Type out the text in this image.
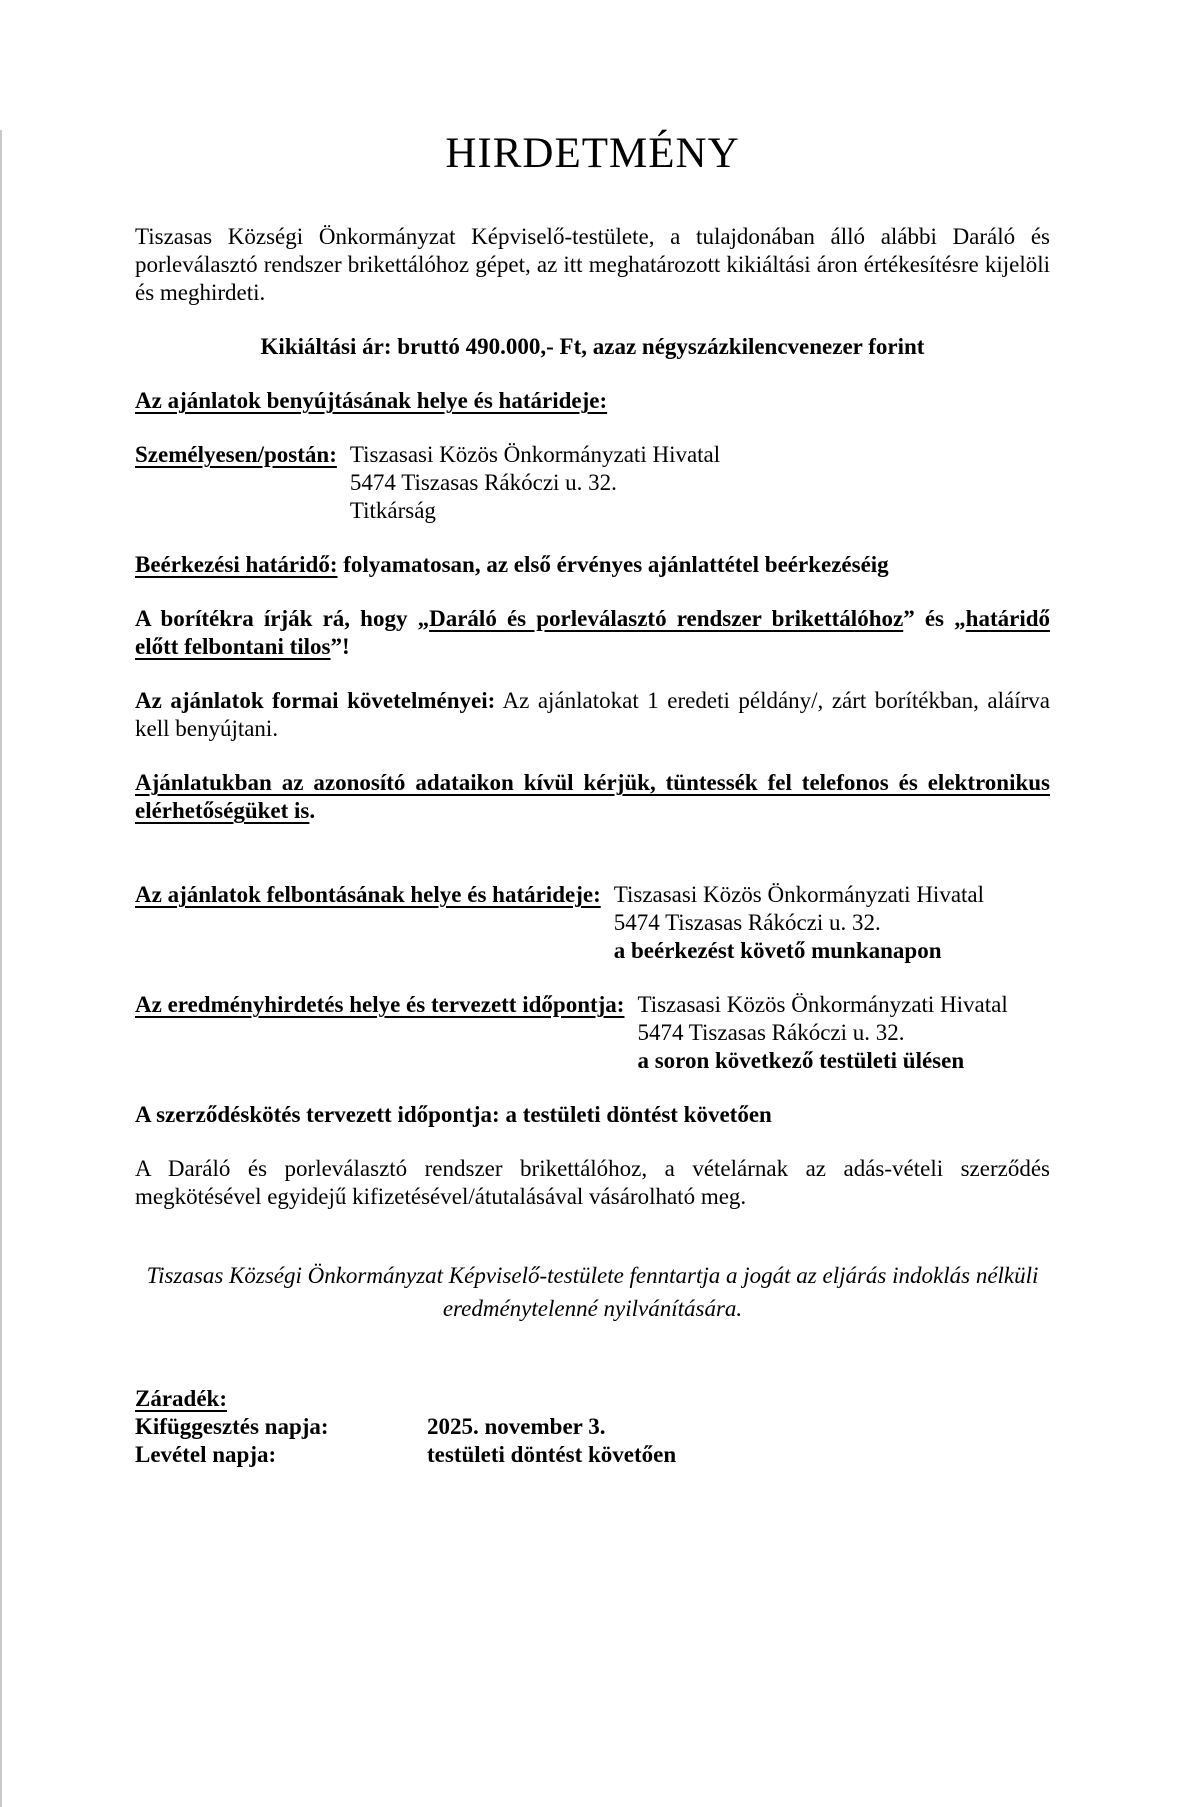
HIRDETMÉNY

Tiszasas Községi Önkormányzat Képviselő-testülete, a tulajdonában álló alábbi Daráló és porleválasztó rendszer brikettálóhoz gépet, az itt meghatározott kikiáltási áron értékesítésre kijelöli és meghirdeti.

Kikiáltási ár: bruttó 490.000,- Ft, azaz négyszázkilencvenezer forint

Az ajánlatok benyújtásának helye és határideje:

Személyesen/postán: Tiszasasi Közös Önkormányzati Hivatal
5474 Tiszasas Rákóczi u. 32.
Titkárság

Beérkezési határidő: folyamatosan, az első érvényes ajánlattétel beérkezéséig

A borítékra írják rá, hogy „Daráló és porleválasztó rendszer brikettálóhoz” és „határidő előtt felbontani tilos”!

Az ajánlatok formai követelményei: Az ajánlatokat 1 eredeti példány/, zárt borítékban, aláírva kell benyújtani.

Ajánlatukban az azonosító adataikon kívül kérjük, tüntessék fel telefonos és elektronikus elérhetőségüket is.

Az ajánlatok felbontásának helye és határideje: Tiszasasi Közös Önkormányzati Hivatal
5474 Tiszasas Rákóczi u. 32.
a beérkezést követő munkanapon
Az eredményhirdetés helye és tervezett időpontja: Tiszasasi Közös Önkormányzati Hivatal
5474 Tiszasas Rákóczi u. 32.
a soron következő testületi ülésen

A szerződéskötés tervezett időpontja: a testületi döntést követően

A Daráló és porleválasztó rendszer brikettálóhoz, a vételárnak az adás-vételi szerződés megkötésével egyidejű kifizetésével/átutalásával vásárolható meg.

Tiszasas Községi Önkormányzat Képviselő-testülete fenntartja a jogát az eljárás indoklás nélküli eredménytelenné nyilvánítására.

Záradék:

Kifüggesztés napja:	2025. november 3.
Levétel napja:	testületi döntést követően
